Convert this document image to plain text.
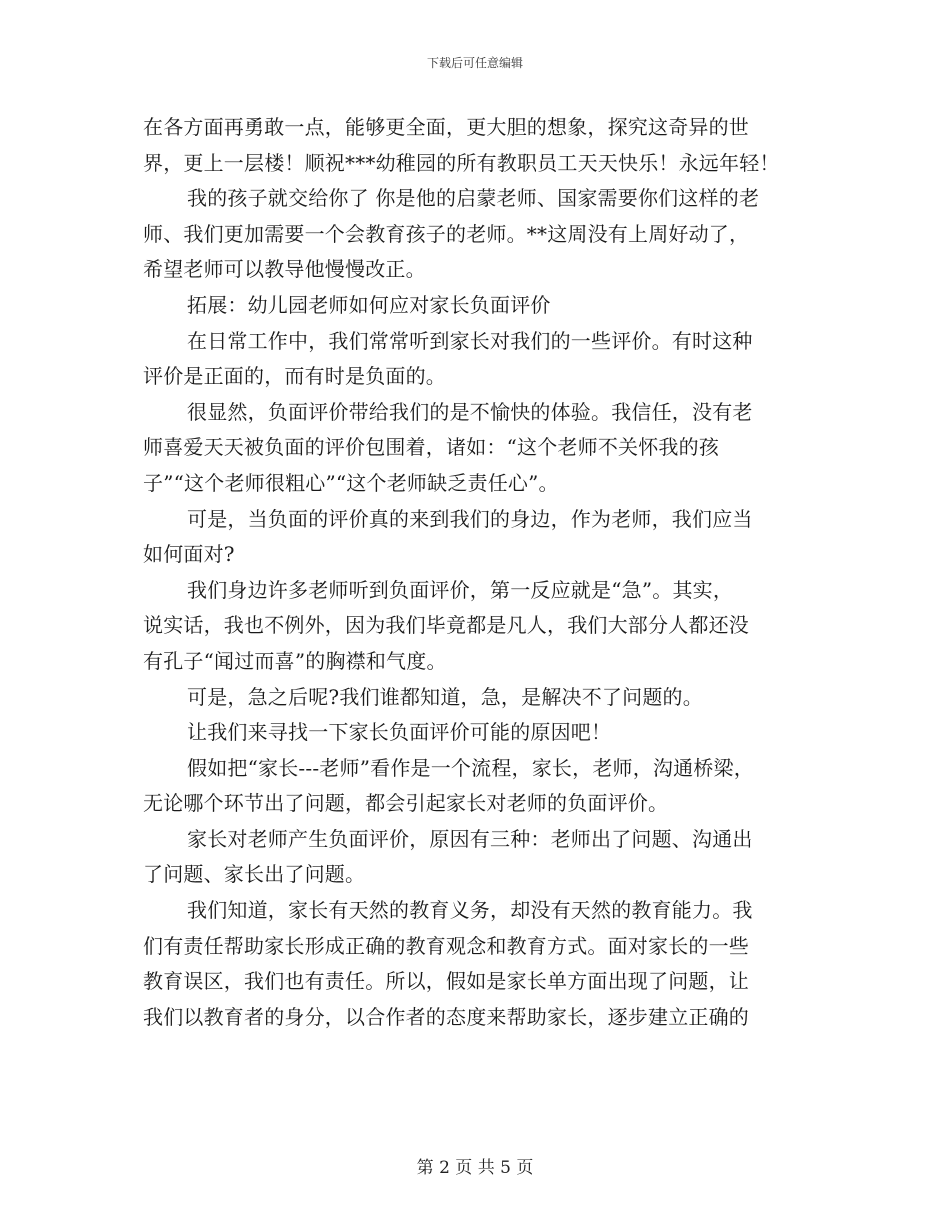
下载后可任意编辑
在各方面再勇敢一点，能够更全面，更大胆的想象，探究这奇异的世
界，更上一层楼！顺祝***幼稚园的所有教职员工天天快乐！永远年轻！
我的孩子就交给你了 你是他的启蒙老师、国家需要你们这样的老
师、我们更加需要一个会教育孩子的老师。**这周没有上周好动了，
希望老师可以教导他慢慢改正。
拓展：幼儿园老师如何应对家长负面评价
在日常工作中，我们常常听到家长对我们的一些评价。有时这种
评价是正面的，而有时是负面的。
很显然，负面评价带给我们的是不愉快的体验。我信任，没有老
师喜爱天天被负面的评价包围着，诸如：“这个老师不关怀我的孩
子”“这个老师很粗心”“这个老师缺乏责任心”。
可是，当负面的评价真的来到我们的身边，作为老师，我们应当
如何面对?
我们身边许多老师听到负面评价，第一反应就是“急”。其实，
说实话，我也不例外，因为我们毕竟都是凡人，我们大部分人都还没
有孔子“闻过而喜”的胸襟和气度。
可是，急之后呢?我们谁都知道，急，是解决不了问题的。
让我们来寻找一下家长负面评价可能的原因吧！
假如把“家长---老师”看作是一个流程，家长，老师，沟通桥梁，
无论哪个环节出了问题，都会引起家长对老师的负面评价。
家长对老师产生负面评价，原因有三种：老师出了问题、沟通出
了问题、家长出了问题。
我们知道，家长有天然的教育义务，却没有天然的教育能力。我
们有责任帮助家长形成正确的教育观念和教育方式。面对家长的一些
教育误区，我们也有责任。所以，假如是家长单方面出现了问题，让
我们以教育者的身分，以合作者的态度来帮助家长，逐步建立正确的
第 2 页 共 5 页
